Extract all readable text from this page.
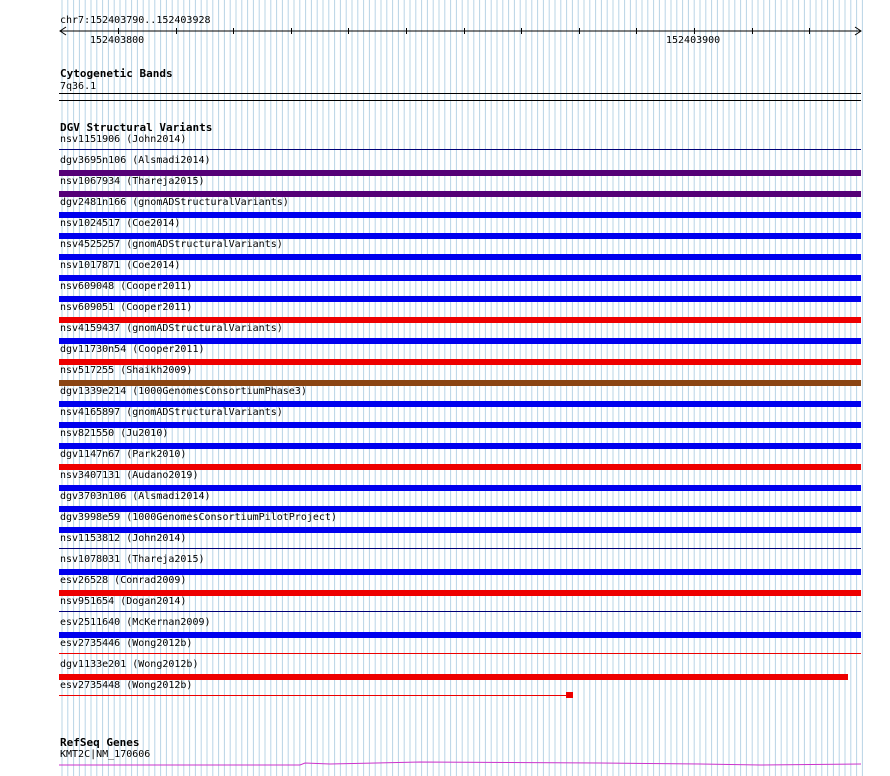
chr7:152403790..152403928
152403800	152403900
Cytogenetic Bands
7q36.1
DGV Structural Variants
nsv1151906 (John2014)
dgv3695n106 (Alsmadi2014)
nsv1067934 (Thareja2015)
dgv2481n166 (gnomADStructuralVariants)
nsv1024517 (Coe2014)
nsv4525257 (gnomADStructuralVariants)
nsv1017871 (Coe2014)
nsv609048 (Cooper2011)
nsv609051 (Cooper2011)
nsv4159437 (gnomADStructuralVariants)
dgv11730n54 (Cooper2011)
nsv517255 (Shaikh2009)
dgv1339e214 (1000GenomesConsortiumPhase3)
nsv4165897 (gnomADStructuralVariants)
nsv821550 (Ju2010)
dgv1147n67 (Park2010)
nsv3407131 (Audano2019)
dgv3703n106 (Alsmadi2014)
dgv3998e59 (1000GenomesConsortiumPilotProject)
nsv1153812 (John2014)
nsv1078031 (Thareja2015)
esv26528 (Conrad2009)
nsv951654 (Dogan2014)
esv2511640 (McKernan2009)
esv2735446 (Wong2012b)
dgv1133e201 (Wong2012b)
esv2735448 (Wong2012b)
RefSeq Genes
KMT2C|NM_170606
